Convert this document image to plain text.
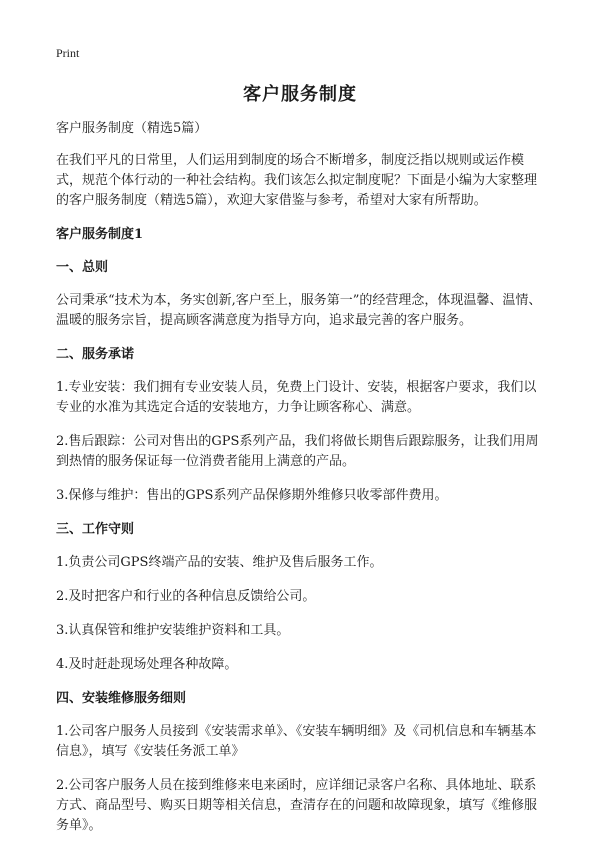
Print
客户服务制度

客户服务制度（精选5篇）

在我们平凡的日常里，人们运用到制度的场合不断增多，制度泛指以规则或运作模式，规范个体行动的一种社会结构。我们该怎么拟定制度呢？下面是小编为大家整理的客户服务制度（精选5篇），欢迎大家借鉴与参考，希望对大家有所帮助。

客户服务制度1
一、总则

公司秉承“技术为本，务实创新,客户至上，服务第一”的经营理念，体现温馨、温情、温暖的服务宗旨，提高顾客满意度为指导方向，追求最完善的客户服务。

二、服务承诺

1.专业安装：我们拥有专业安装人员，免费上门设计、安装，根据客户要求，我们以专业的水准为其选定合适的安装地方，力争让顾客称心、满意。

2.售后跟踪：公司对售出的GPS系列产品，我们将做长期售后跟踪服务，让我们用周到热情的服务保证每一位消费者能用上满意的产品。

3.保修与维护：售出的GPS系列产品保修期外维修只收零部件费用。

三、工作守则

1.负责公司GPS终端产品的安装、维护及售后服务工作。

2.及时把客户和行业的各种信息反馈给公司。

3.认真保管和维护安装维护资料和工具。

4.及时赶赴现场处理各种故障。

四、安装维修服务细则

1.公司客户服务人员接到《安装需求单》、《安装车辆明细》及《司机信息和车辆基本信息》，填写《安装任务派工单》

2.公司客户服务人员在接到维修来电来函时，应详细记录客户名称、具体地址、联系方式、商品型号、购买日期等相关信息，查清存在的问题和故障现象，填写《维修服务单》。
